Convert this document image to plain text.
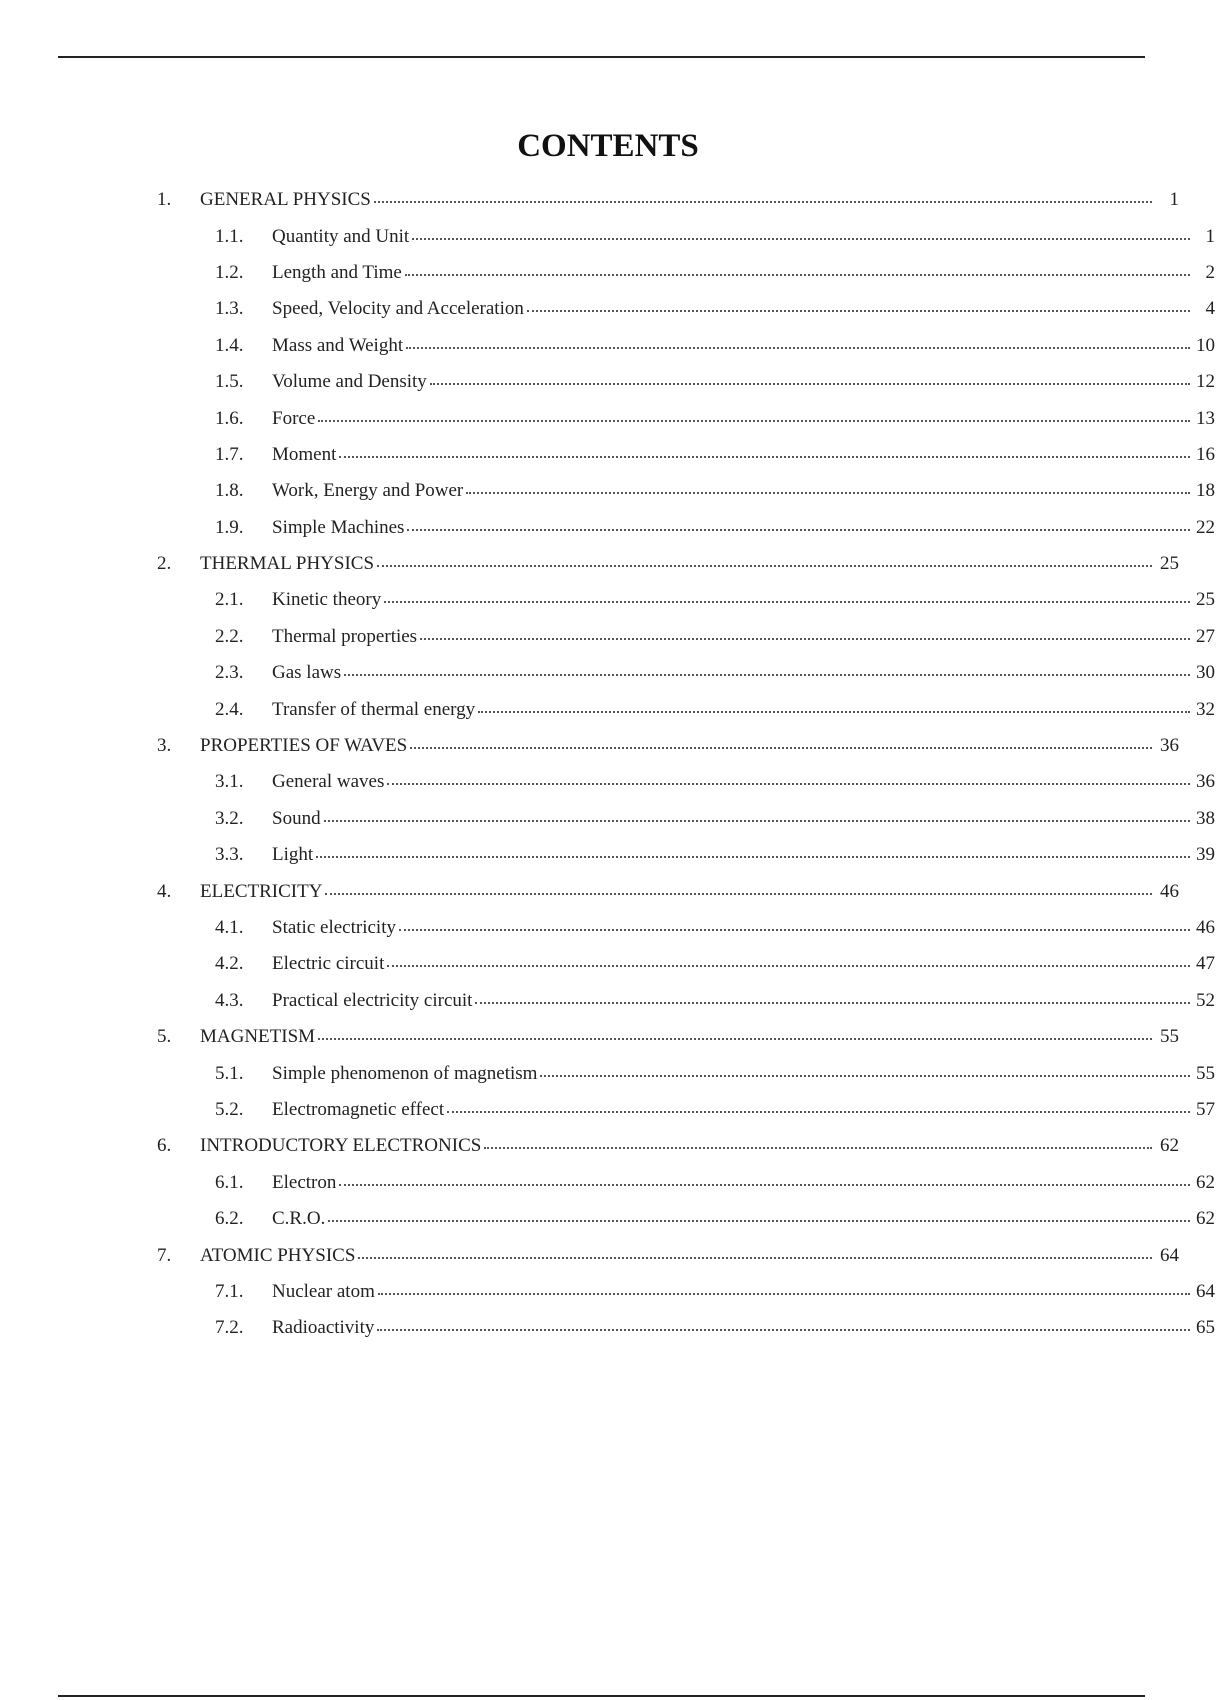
CONTENTS
1.	GENERAL PHYSICS	1
1.1.	Quantity and Unit	1
1.2.	Length and Time	2
1.3.	Speed, Velocity and Acceleration	4
1.4.	Mass and Weight	10
1.5.	Volume and Density	12
1.6.	Force	13
1.7.	Moment	16
1.8.	Work, Energy and Power	18
1.9.	Simple Machines	22
2.	THERMAL PHYSICS	25
2.1.	Kinetic theory	25
2.2.	Thermal properties	27
2.3.	Gas laws	30
2.4.	Transfer of thermal energy	32
3.	PROPERTIES OF WAVES	36
3.1.	General waves	36
3.2.	Sound	38
3.3.	Light	39
4.	ELECTRICITY	46
4.1.	Static electricity	46
4.2.	Electric circuit	47
4.3.	Practical electricity circuit	52
5.	MAGNETISM	55
5.1.	Simple phenomenon of magnetism	55
5.2.	Electromagnetic effect	57
6.	INTRODUCTORY ELECTRONICS	62
6.1.	Electron	62
6.2.	C.R.O.	62
7.	ATOMIC PHYSICS	64
7.1.	Nuclear atom	64
7.2.	Radioactivity	65
